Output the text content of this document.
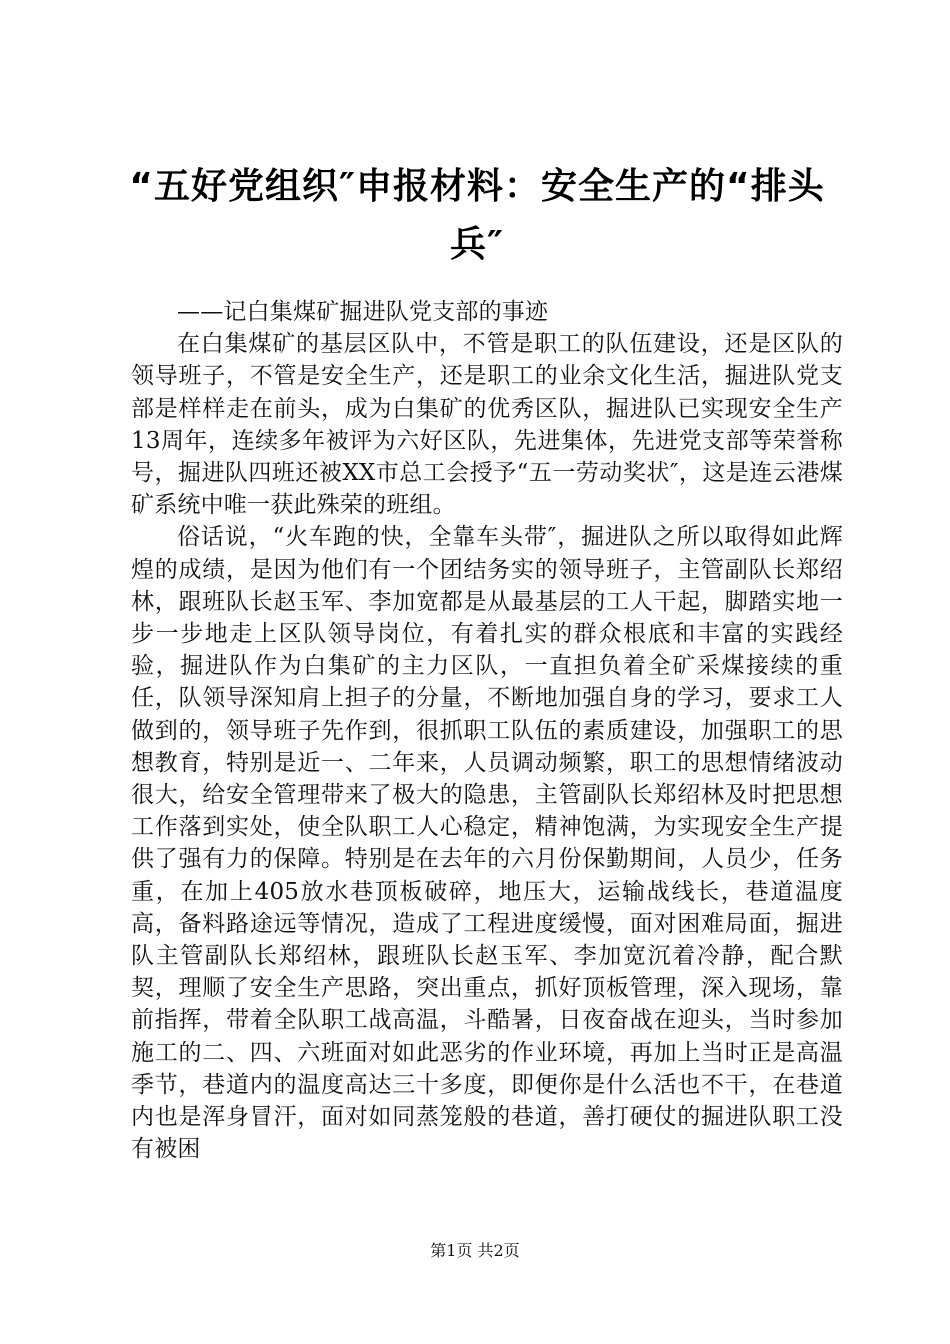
“五好党组织″申报材料：安全生产的“排头兵″

——记白集煤矿掘进队党支部的事迹

在白集煤矿的基层区队中，不管是职工的队伍建设，还是区队的领导班子，不管是安全生产，还是职工的业余文化生活，掘进队党支部是样样走在前头，成为白集矿的优秀区队，掘进队已实现安全生产13周年，连续多年被评为六好区队，先进集体，先进党支部等荣誉称号，掘进队四班还被XX市总工会授予“五一劳动奖状″，这是连云港煤矿系统中唯一获此殊荣的班组。

俗话说，“火车跑的快，全靠车头带″，掘进队之所以取得如此辉煌的成绩，是因为他们有一个团结务实的领导班子，主管副队长郑绍林，跟班队长赵玉军、李加宽都是从最基层的工人干起，脚踏实地一步一步地走上区队领导岗位，有着扎实的群众根底和丰富的实践经验，掘进队作为白集矿的主力区队，一直担负着全矿采煤接续的重任，队领导深知肩上担子的分量，不断地加强自身的学习，要求工人做到的，领导班子先作到，很抓职工队伍的素质建设，加强职工的思想教育，特别是近一、二年来，人员调动频繁，职工的思想情绪波动很大，给安全管理带来了极大的隐患，主管副队长郑绍林及时把思想工作落到实处，使全队职工人心稳定，精神饱满，为实现安全生产提供了强有力的保障。特别是在去年的六月份保勤期间，人员少，任务重，在加上405放水巷顶板破碎，地压大，运输战线长，巷道温度高，备料路途远等情况，造成了工程进度缓慢，面对困难局面，掘进队主管副队长郑绍林，跟班队长赵玉军、李加宽沉着冷静，配合默契，理顺了安全生产思路，突出重点，抓好顶板管理，深入现场，靠前指挥，带着全队职工战高温，斗酷暑，日夜奋战在迎头，当时参加施工的二、四、六班面对如此恶劣的作业环境，再加上当时正是高温季节，巷道内的温度高达三十多度，即便你是什么活也不干，在巷道内也是浑身冒汗，面对如同蒸笼般的巷道，善打硬仗的掘进队职工没有被困

第1页 共2页
